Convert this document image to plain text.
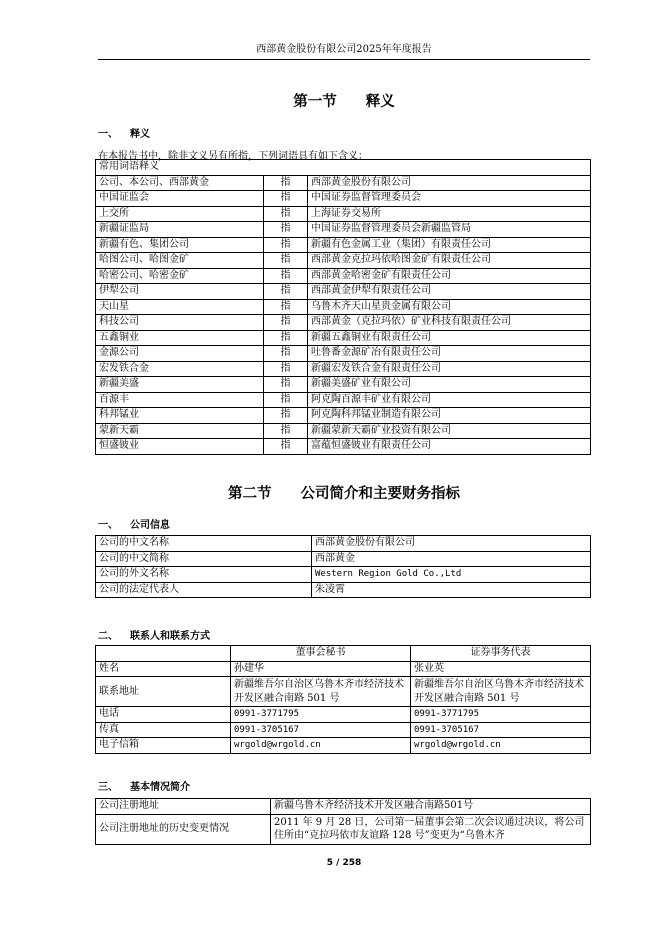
西部黄金股份有限公司2025年年度报告
第一节　　释义
一、 释义
在本报告书中，除非文义另有所指，下列词语具有如下含义：
常用词语释义		
公司、本公司、西部黄金	指	西部黄金股份有限公司
中国证监会	指	中国证券监督管理委员会
上交所	指	上海证券交易所
新疆证监局	指	中国证券监督管理委员会新疆监管局
新疆有色、集团公司	指	新疆有色金属工业（集团）有限责任公司
哈图公司、哈图金矿	指	西部黄金克拉玛依哈图金矿有限责任公司
哈密公司、哈密金矿	指	西部黄金哈密金矿有限责任公司
伊犁公司	指	西部黄金伊犁有限责任公司
天山星	指	乌鲁木齐天山星贵金属有限公司
科技公司	指	西部黄金（克拉玛依）矿业科技有限责任公司
五鑫铜业	指	新疆五鑫铜业有限责任公司
金源公司	指	吐鲁番金源矿冶有限责任公司
宏发铁合金	指	新疆宏发铁合金有限责任公司
新疆美盛	指	新疆美盛矿业有限公司
百源丰	指	阿克陶百源丰矿业有限公司
科邦锰业	指	阿克陶科邦锰业制造有限公司
蒙新天霸	指	新疆蒙新天霸矿业投资有限公司
恒盛铍业	指	富蕴恒盛铍业有限责任公司
第二节　　公司简介和主要财务指标
一、 公司信息
公司的中文名称	西部黄金股份有限公司
公司的中文简称	西部黄金
公司的外文名称	Western Region Gold Co.,Ltd
公司的法定代表人	朱凌霄
二、 联系人和联系方式
	董事会秘书	证券事务代表
姓名	孙建华	张业英
联系地址	新疆维吾尔自治区乌鲁木齐市经济技术开发区融合南路 501 号	新疆维吾尔自治区乌鲁木齐市经济技术开发区融合南路 501 号
电话	0991-3771795	0991-3771795
传真	0991-3705167	0991-3705167
电子信箱	wrgold@wrgold.cn	wrgold@wrgold.cn
三、 基本情况简介
公司注册地址	新疆乌鲁木齐经济技术开发区融合南路501号
公司注册地址的历史变更情况	2011 年 9 月 28 日，公司第一届董事会第二次会议通过决议，将公司住所由“克拉玛依市友谊路 128 号”变更为“乌鲁木齐
5 / 258
